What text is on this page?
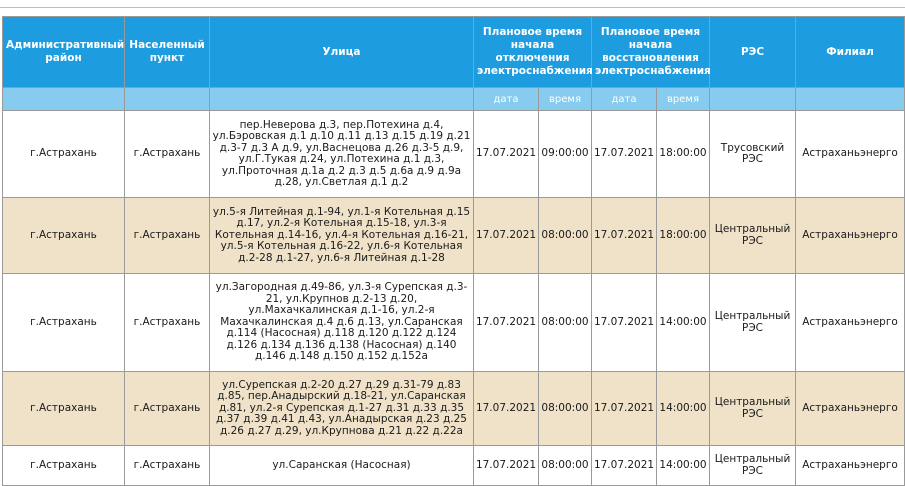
Административный район	Населенный пункт	Улица	Плановое время начала отключения электроснабжения		Плановое время начала восстановления электроснабжения		РЭС	Филиал
			дата	время	дата	время		
г.Астрахань	г.Астрахань	пер.Неверова д.3, пер.Потехина д.4, ул.Бэровская д.1 д.10 д.11 д.13 д.15 д.19 д.21 д.3-7 д.3 А д.9, ул.Васнецова д.26 д.3-5 д.9, ул.Г.Тукая д.24, ул.Потехина д.1 д.3, ул.Проточная д.1а д.2 д.3 д.5 д.6а д.9 д.9а д.28, ул.Светлая д.1 д.2	17.07.2021	09:00:00	17.07.2021	18:00:00	Трусовский РЭС	Астраханьэнерго
г.Астрахань	г.Астрахань	ул.5-я Литейная д.1-94, ул.1-я Котельная д.15 д.17, ул.2-я Котельная д.15-18, ул.3-я Котельная д.14-16, ул.4-я Котельная д.16-21, ул.5-я Котельная д.16-22, ул.6-я Котельная д.2-28 д.1-27, ул.6-я Литейная д.1-28	17.07.2021	08:00:00	17.07.2021	18:00:00	Центральный РЭС	Астраханьэнерго
г.Астрахань	г.Астрахань	ул.Загородная д.49-86, ул.3-я Сурепская д.3-21, ул.Крупнов д.2-13 д.20, ул.Махачкалинская д.1-16, ул.2-я Махачкалинская д.4 д.6 д.13, ул.Саранская д.114 (Насосная) д.118 д.120 д.122 д.124 д.126 д.134 д.136 д.138 (Насосная) д.140 д.146 д.148 д.150 д.152 д.152а	17.07.2021	08:00:00	17.07.2021	14:00:00	Центральный РЭС	Астраханьэнерго
г.Астрахань	г.Астрахань	ул.Сурепская д.2-20 д.27 д.29 д.31-79 д.83 д.85, пер.Анадырский д.18-21, ул.Саранская д.81, ул.2-я Сурепская д.1-27 д.31 д.33 д.35 д.37 д.39 д.41 д.43, ул.Анадырская д.23 д.25 д.26 д.27 д.29, ул.Крупнова д.21 д.22 д.22а	17.07.2021	08:00:00	17.07.2021	14:00:00	Центральный РЭС	Астраханьэнерго
г.Астрахань	г.Астрахань	ул.Саранская (Насосная)	17.07.2021	08:00:00	17.07.2021	14:00:00	Центральный РЭС	Астраханьэнерго
